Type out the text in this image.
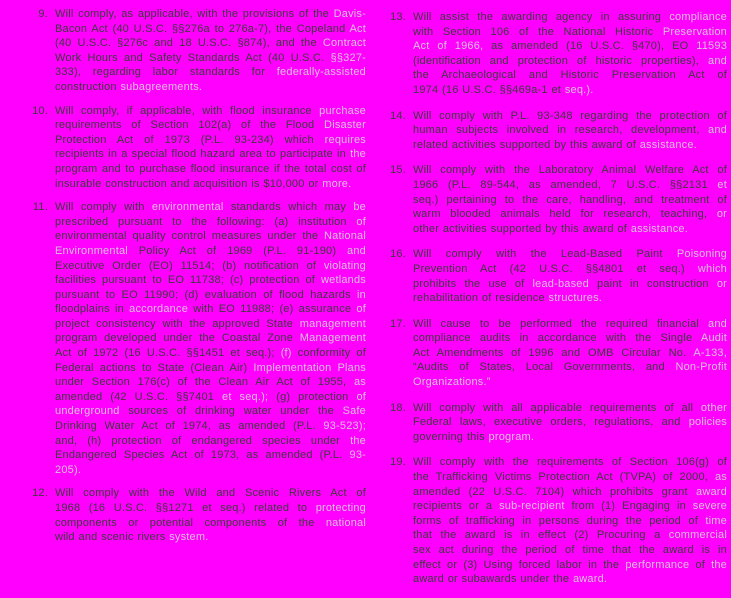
9. Will comply, as applicable, with the provisions of the Davis-
Bacon Act (40 U.S.C. §§276a to 276a-7), the Copeland Act
(40 U.S.C. §276c and 18 U.S.C. §874), and the Contract
Work Hours and Safety Standards Act (40 U.S.C. §§327-
333), regarding labor standards for federally-assisted
construction subagreements.
10. Will comply, if applicable, with flood insurance purchase
requirements of Section 102(a) of the Flood Disaster
Protection Act of 1973 (P.L. 93-234) which requires
recipients in a special flood hazard area to participate in the
program and to purchase flood insurance if the total cost of
insurable construction and acquisition is $10,000 or more.
11. Will comply with environmental standards which may be
prescribed pursuant to the following: (a) institution of
environmental quality control measures under the National
Environmental Policy Act of 1969 (P.L. 91-190) and
Executive Order (EO) 11514; (b) notification of violating
facilities pursuant to EO 11738; (c) protection of wetlands
pursuant to EO 11990; (d) evaluation of flood hazards in
floodplains in accordance with EO 11988; (e) assurance of
project consistency with the approved State management
program developed under the Coastal Zone Management
Act of 1972 (16 U.S.C. §§1451 et seq.); (f) conformity of
Federal actions to State (Clean Air) Implementation Plans
under Section 176(c) of the Clean Air Act of 1955, as
amended (42 U.S.C. §§7401 et seq.); (g) protection of
underground sources of drinking water under the Safe
Drinking Water Act of 1974, as amended (P.L. 93-523);
and, (h) protection of endangered species under the
Endangered Species Act of 1973, as amended (P.L. 93-
205).
12. Will comply with the Wild and Scenic Rivers Act of
1968 (16 U.S.C. §§1271 et seq.) related to protecting
components or potential components of the national
wild and scenic rivers system.
13. Will assist the awarding agency in assuring compliance
with Section 106 of the National Historic Preservation
Act of 1966, as amended (16 U.S.C. §470), EO 11593
(identification and protection of historic properties), and
the Archaeological and Historic Preservation Act of
1974 (16 U.S.C. §§469a-1 et seq.).
14. Will comply with P.L. 93-348 regarding the protection of
human subjects involved in research, development, and
related activities supported by this award of assistance.
15. Will comply with the Laboratory Animal Welfare Act of
1966 (P.L. 89-544, as amended, 7 U.S.C. §§2131 et
seq.) pertaining to the care, handling, and treatment of
warm blooded animals held for research, teaching, or
other activities supported by this award of assistance.
16. Will comply with the Lead-Based Paint Poisoning
Prevention Act (42 U.S.C. §§4801 et seq.) which
prohibits the use of lead-based paint in construction or
rehabilitation of residence structures.
17. Will cause to be performed the required financial and
compliance audits in accordance with the Single Audit
Act Amendments of 1996 and OMB Circular No. A-133,
“Audits of States, Local Governments, and Non-Profit
Organizations.”
18. Will comply with all applicable requirements of all other
Federal laws, executive orders, regulations, and policies
governing this program.
19. Will comply with the requirements of Section 106(g) of
the Trafficking Victims Protection Act (TVPA) of 2000, as
amended (22 U.S.C. 7104) which prohibits grant award
recipients or a sub-recipient from (1) Engaging in severe
forms of trafficking in persons during the period of time
that the award is in effect (2) Procuring a commercial
sex act during the period of time that the award is in
effect or (3) Using forced labor in the performance of the
award or subawards under the award.
